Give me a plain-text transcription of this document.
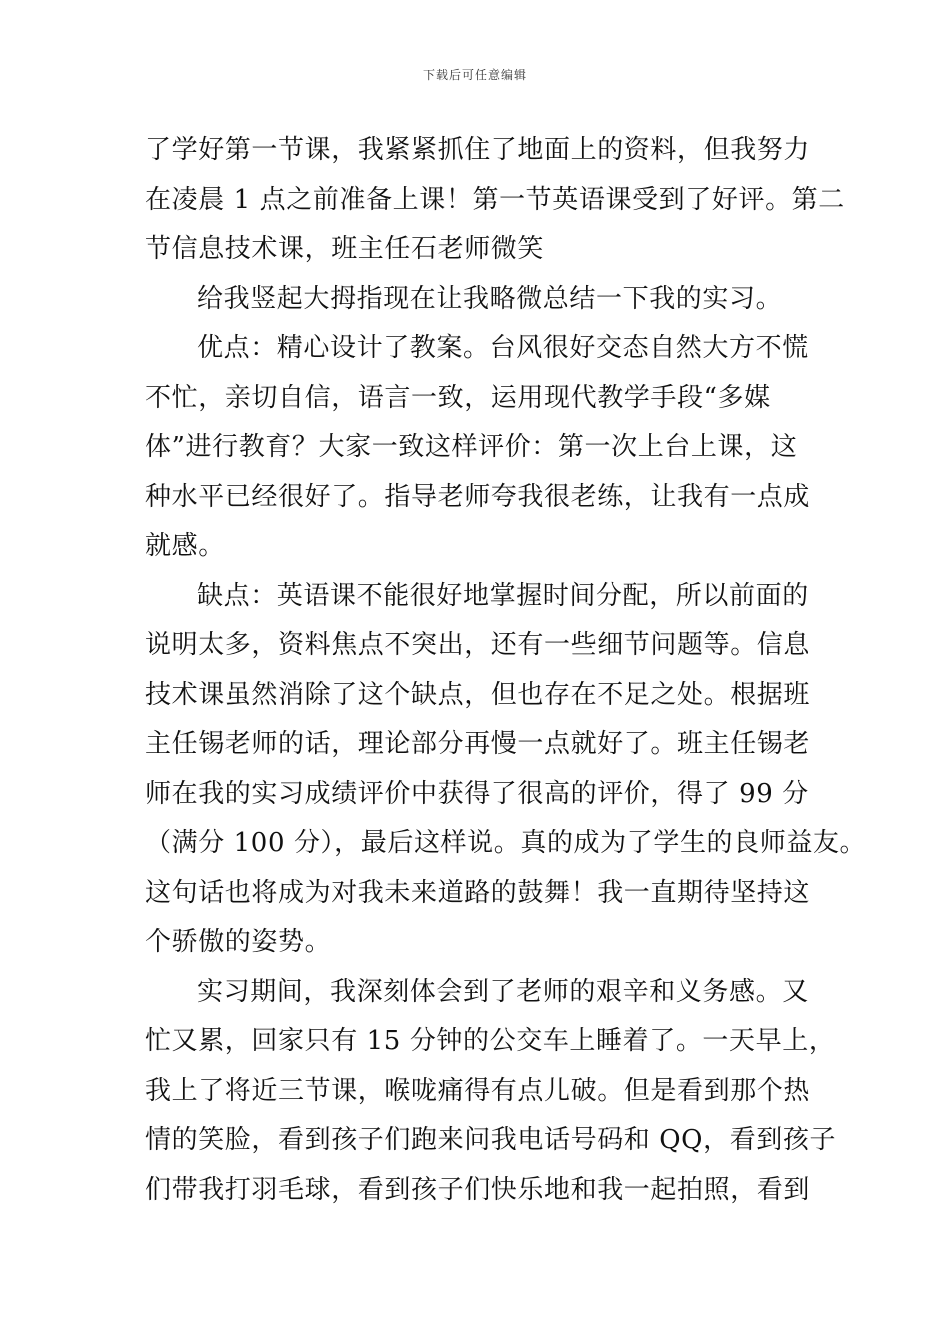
下载后可任意编辑
了学好第一节课，我紧紧抓住了地面上的资料，但我努力
在凌晨 1 点之前准备上课！第一节英语课受到了好评。第二
节信息技术课，班主任石老师微笑
给我竖起大拇指现在让我略微总结一下我的实习。
优点：精心设计了教案。台风很好交态自然大方不慌
不忙，亲切自信，语言一致，运用现代教学手段“多媒
体”进行教育？大家一致这样评价：第一次上台上课，这
种水平已经很好了。指导老师夸我很老练，让我有一点成
就感。
缺点：英语课不能很好地掌握时间分配，所以前面的
说明太多，资料焦点不突出，还有一些细节问题等。信息
技术课虽然消除了这个缺点，但也存在不足之处。根据班
主任锡老师的话，理论部分再慢一点就好了。班主任锡老
师在我的实习成绩评价中获得了很高的评价，得了 99 分
（满分 100 分），最后这样说。真的成为了学生的良师益友。
这句话也将成为对我未来道路的鼓舞！我一直期待坚持这
个骄傲的姿势。
实习期间，我深刻体会到了老师的艰辛和义务感。又
忙又累，回家只有 15 分钟的公交车上睡着了。一天早上，
我上了将近三节课，喉咙痛得有点儿破。但是看到那个热
情的笑脸，看到孩子们跑来问我电话号码和 QQ，看到孩子
们带我打羽毛球，看到孩子们快乐地和我一起拍照，看到
